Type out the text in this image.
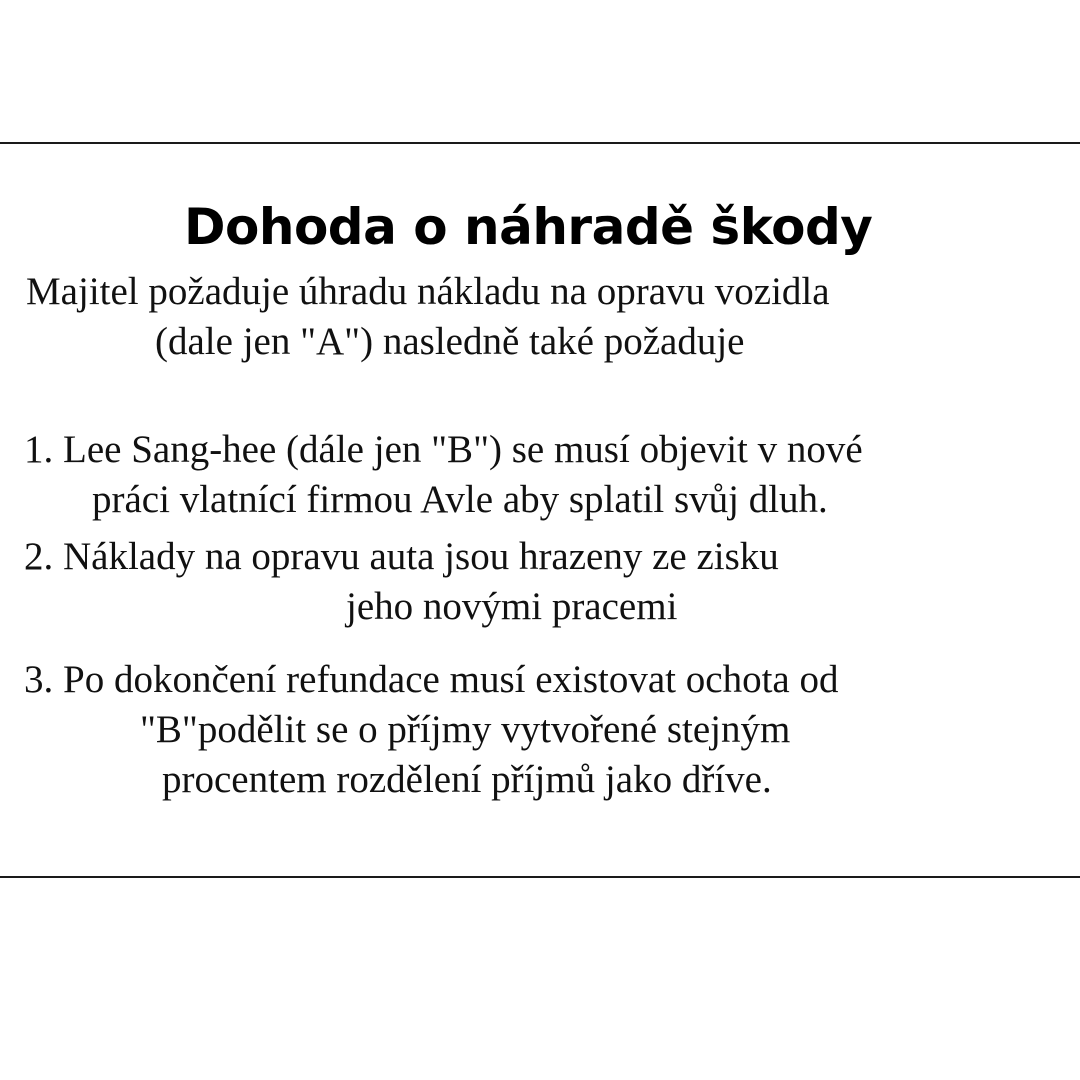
Dohoda o náhradě škody
Majitel požaduje úhradu nákladu na opravu vozidla
(dale jen "A") nasledně také požaduje
1. Lee Sang-hee (dále jen "B") se musí objevit v nové
práci vlatnící firmou Avle aby splatil svůj dluh.
2. Náklady na opravu auta jsou hrazeny ze zisku
jeho novými pracemi
3. Po dokončení refundace musí existovat ochota od
"B"podělit se o příjmy vytvořené stejným
procentem rozdělení příjmů jako dříve.
